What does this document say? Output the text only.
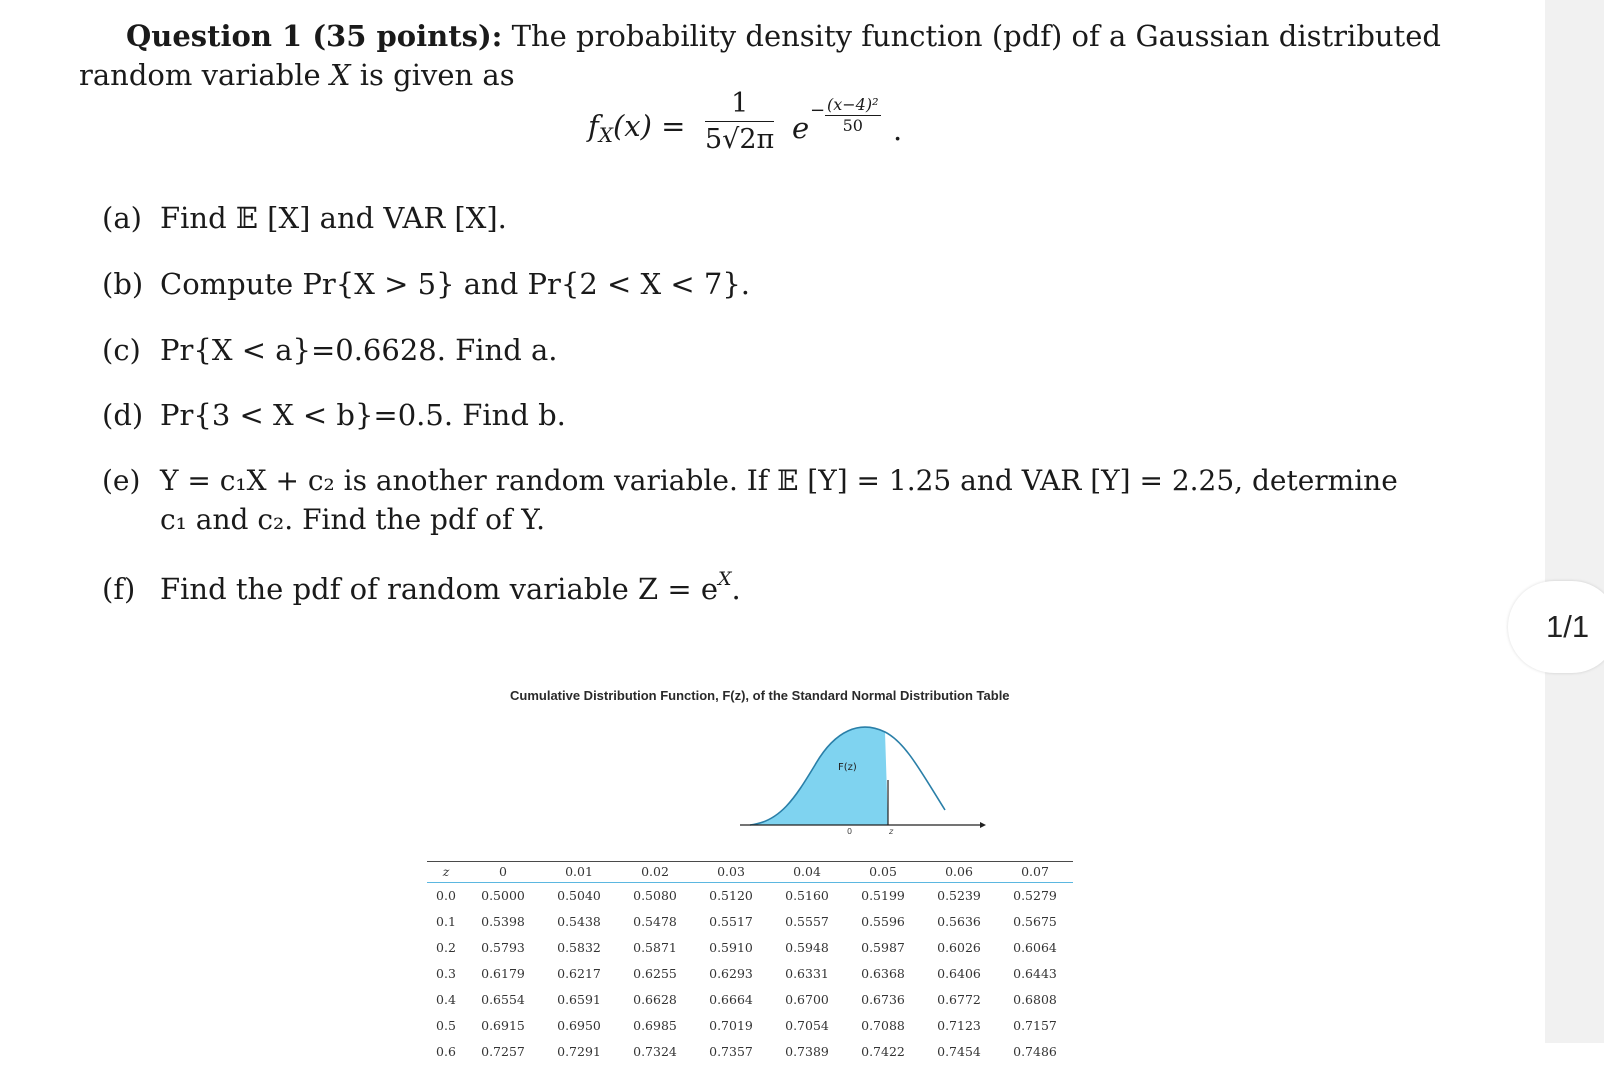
Question 1 (35 points): The probability density function (pdf) of a Gaussian distributed
random variable X is given as
$f_X(x) = \frac{1}{5√2\pi}$ e
− $\frac{\text{(x−4)²}}{50}$ .
(a) Find 𝔼 [X] and VAR [X].
(b) Compute Pr{X > 5} and Pr{2 < X < 7}.
(c) Pr{X < a}=0.6628. Find a.
(d) Pr{3 < X < b}=0.5. Find b.
(e) Y = c₁X + c₂ is another random variable. If 𝔼 [Y] = 1.25 and VAR [Y] = 2.25, determine
c₁ and c₂. Find the pdf of Y.
(f) Find the pdf of random variable $Z = e^X$.
Cumulative Distribution Function, F(z), of the Standard Normal Distribution Table
F(z)
0	z
z	0	0.01	0.02	0.03	0.04	0.05	0.06	0.07
0.0	0.5000	0.5040	0.5080	0.5120	0.5160	0.5199	0.5239	0.5279
0.1	0.5398	0.5438	0.5478	0.5517	0.5557	0.5596	0.5636	0.5675
0.2	0.5793	0.5832	0.5871	0.5910	0.5948	0.5987	0.6026	0.6064
0.3	0.6179	0.6217	0.6255	0.6293	0.6331	0.6368	0.6406	0.6443
0.4	0.6554	0.6591	0.6628	0.6664	0.6700	0.6736	0.6772	0.6808
0.5	0.6915	0.6950	0.6985	0.7019	0.7054	0.7088	0.7123	0.7157
0.6	0.7257	0.7291	0.7324	0.7357	0.7389	0.7422	0.7454	0.7486
1/1
